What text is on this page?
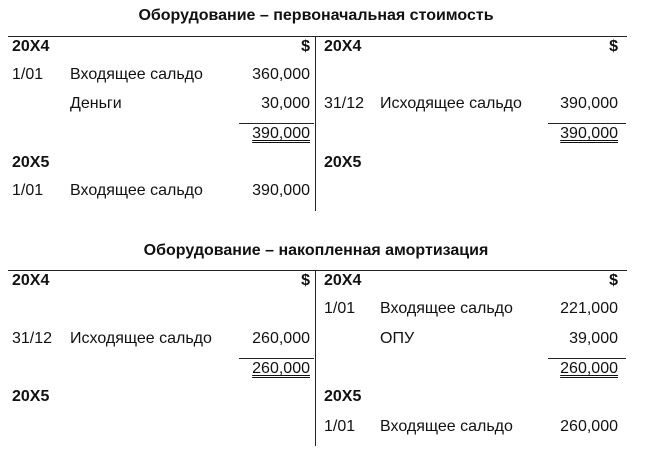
Оборудование – первоначальная стоимость
20X4	$
1/01 Входящее сальдо	360,000
Деньги	30,000
390,000
20X5
1/01 Входящее сальдо	390,000
20X4	$
31/12 Исходящее сальдо	390,000
390,000
20X5
Оборудование – накопленная амортизация
20X4	$
31/12 Исходящее сальдо	260,000
260,000
20X5
20X4	$
1/01 Входящее сальдо	221,000
ОПУ	39,000
260,000
20X5
1/01 Входящее сальдо	260,000
